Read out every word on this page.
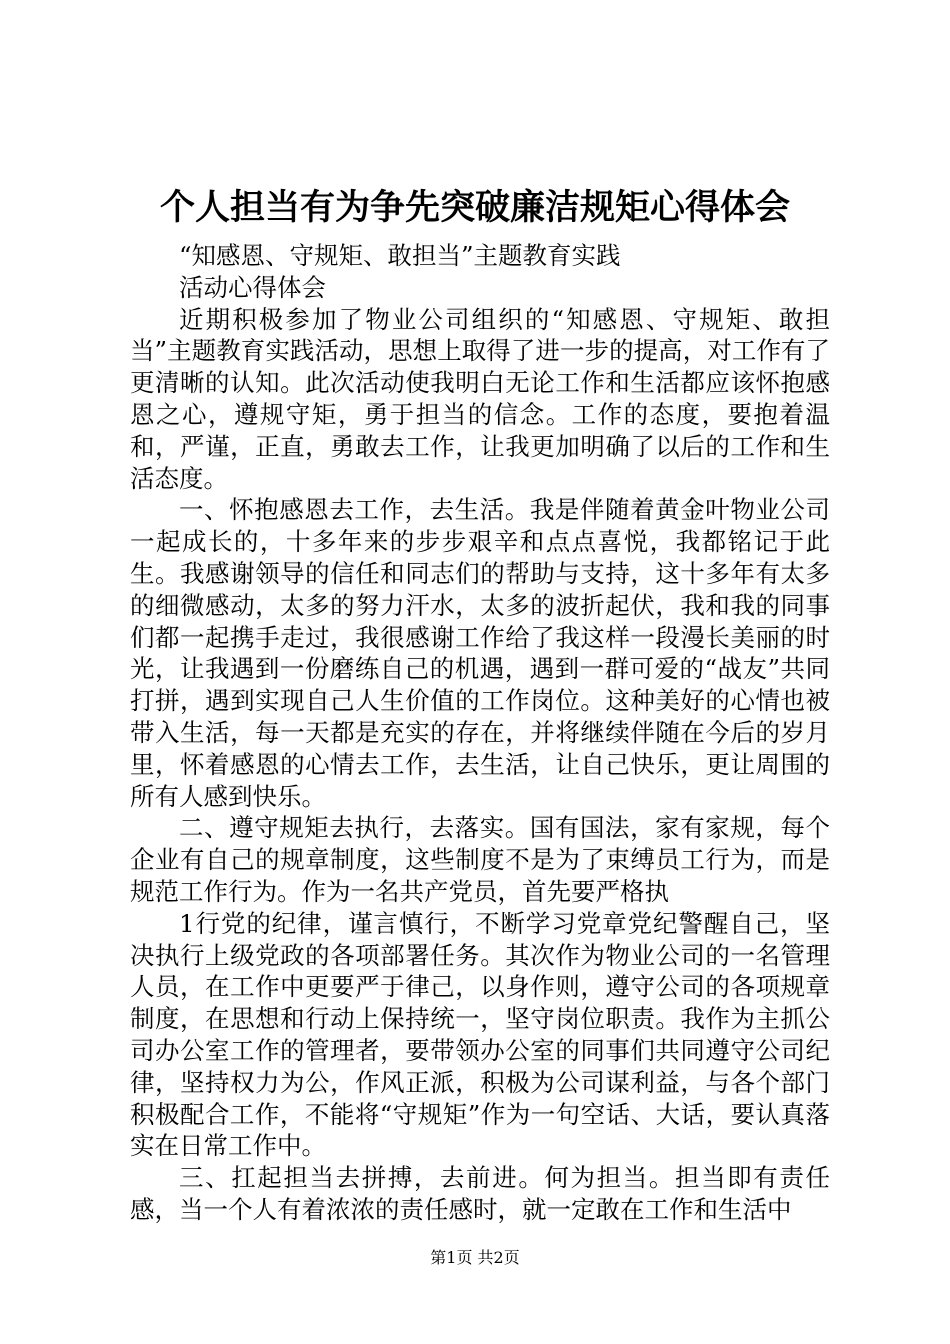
个人担当有为争先突破廉洁规矩心得体会

“知感恩、守规矩、敢担当”主题教育实践

活动心得体会

近期积极参加了物业公司组织的“知感恩、守规矩、敢担当”主题教育实践活动，思想上取得了进一步的提高，对工作有了更清晰的认知。此次活动使我明白无论工作和生活都应该怀抱感恩之心，遵规守矩，勇于担当的信念。工作的态度，要抱着温和，严谨，正直，勇敢去工作，让我更加明确了以后的工作和生活态度。

一、怀抱感恩去工作，去生活。我是伴随着黄金叶物业公司一起成长的，十多年来的步步艰辛和点点喜悦，我都铭记于此生。我感谢领导的信任和同志们的帮助与支持，这十多年有太多的细微感动，太多的努力汗水，太多的波折起伏，我和我的同事们都一起携手走过，我很感谢工作给了我这样一段漫长美丽的时光，让我遇到一份磨练自己的机遇，遇到一群可爱的“战友”共同打拼，遇到实现自己人生价值的工作岗位。这种美好的心情也被带入生活，每一天都是充实的存在，并将继续伴随在今后的岁月里，怀着感恩的心情去工作，去生活，让自己快乐，更让周围的所有人感到快乐。

二、遵守规矩去执行，去落实。国有国法，家有家规，每个企业有自己的规章制度，这些制度不是为了束缚员工行为，而是规范工作行为。作为一名共产党员，首先要严格执

1行党的纪律，谨言慎行，不断学习党章党纪警醒自己，坚决执行上级党政的各项部署任务。其次作为物业公司的一名管理人员，在工作中更要严于律己，以身作则，遵守公司的各项规章制度，在思想和行动上保持统一，坚守岗位职责。我作为主抓公司办公室工作的管理者，要带领办公室的同事们共同遵守公司纪律，坚持权力为公，作风正派，积极为公司谋利益，与各个部门积极配合工作，不能将“守规矩”作为一句空话、大话，要认真落实在日常工作中。

三、扛起担当去拼搏，去前进。何为担当。担当即有责任感，当一个人有着浓浓的责任感时，就一定敢在工作和生活中

第1页 共2页
